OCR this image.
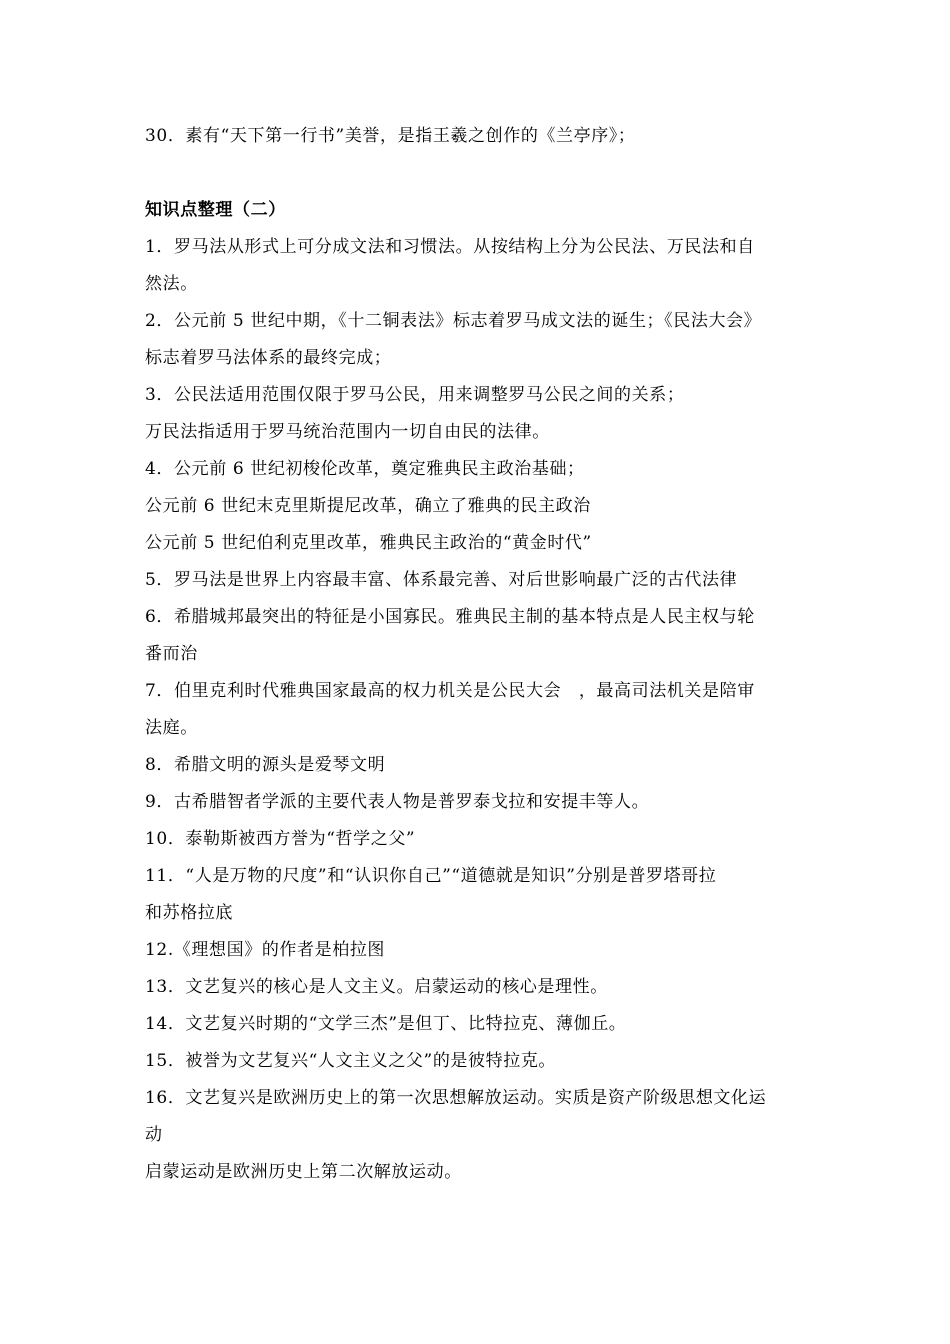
30．素有“天下第一行书”美誉，是指王羲之创作的《兰亭序》；
知识点整理（二）
1．罗马法从形式上可分成文法和习惯法。从按结构上分为公民法、万民法和自
然法。
2．公元前 5 世纪中期，《十二铜表法》标志着罗马成文法的诞生；《民法大会》
标志着罗马法体系的最终完成；
3．公民法适用范围仅限于罗马公民，用来调整罗马公民之间的关系；
万民法指适用于罗马统治范围内一切自由民的法律。
4．公元前 6 世纪初梭伦改革，奠定雅典民主政治基础；
公元前 6 世纪末克里斯提尼改革，确立了雅典的民主政治
公元前 5 世纪伯利克里改革，雅典民主政治的“黄金时代”
5．罗马法是世界上内容最丰富、体系最完善、对后世影响最广泛的古代法律
6．希腊城邦最突出的特征是小国寡民。雅典民主制的基本特点是人民主权与轮
番而治
7．伯里克利时代雅典国家最高的权力机关是公民大会　，最高司法机关是陪审
法庭。
8．希腊文明的源头是爱琴文明
9．古希腊智者学派的主要代表人物是普罗泰戈拉和安提丰等人。
10．泰勒斯被西方誉为“哲学之父”
11．“人是万物的尺度”和“认识你自己”“道德就是知识”分别是普罗塔哥拉
和苏格拉底
12.《理想国》的作者是柏拉图
13．文艺复兴的核心是人文主义。启蒙运动的核心是理性。
14．文艺复兴时期的“文学三杰”是但丁、比特拉克、薄伽丘。
15．被誉为文艺复兴“人文主义之父”的是彼特拉克。
16．文艺复兴是欧洲历史上的第一次思想解放运动。实质是资产阶级思想文化运
动
启蒙运动是欧洲历史上第二次解放运动。
